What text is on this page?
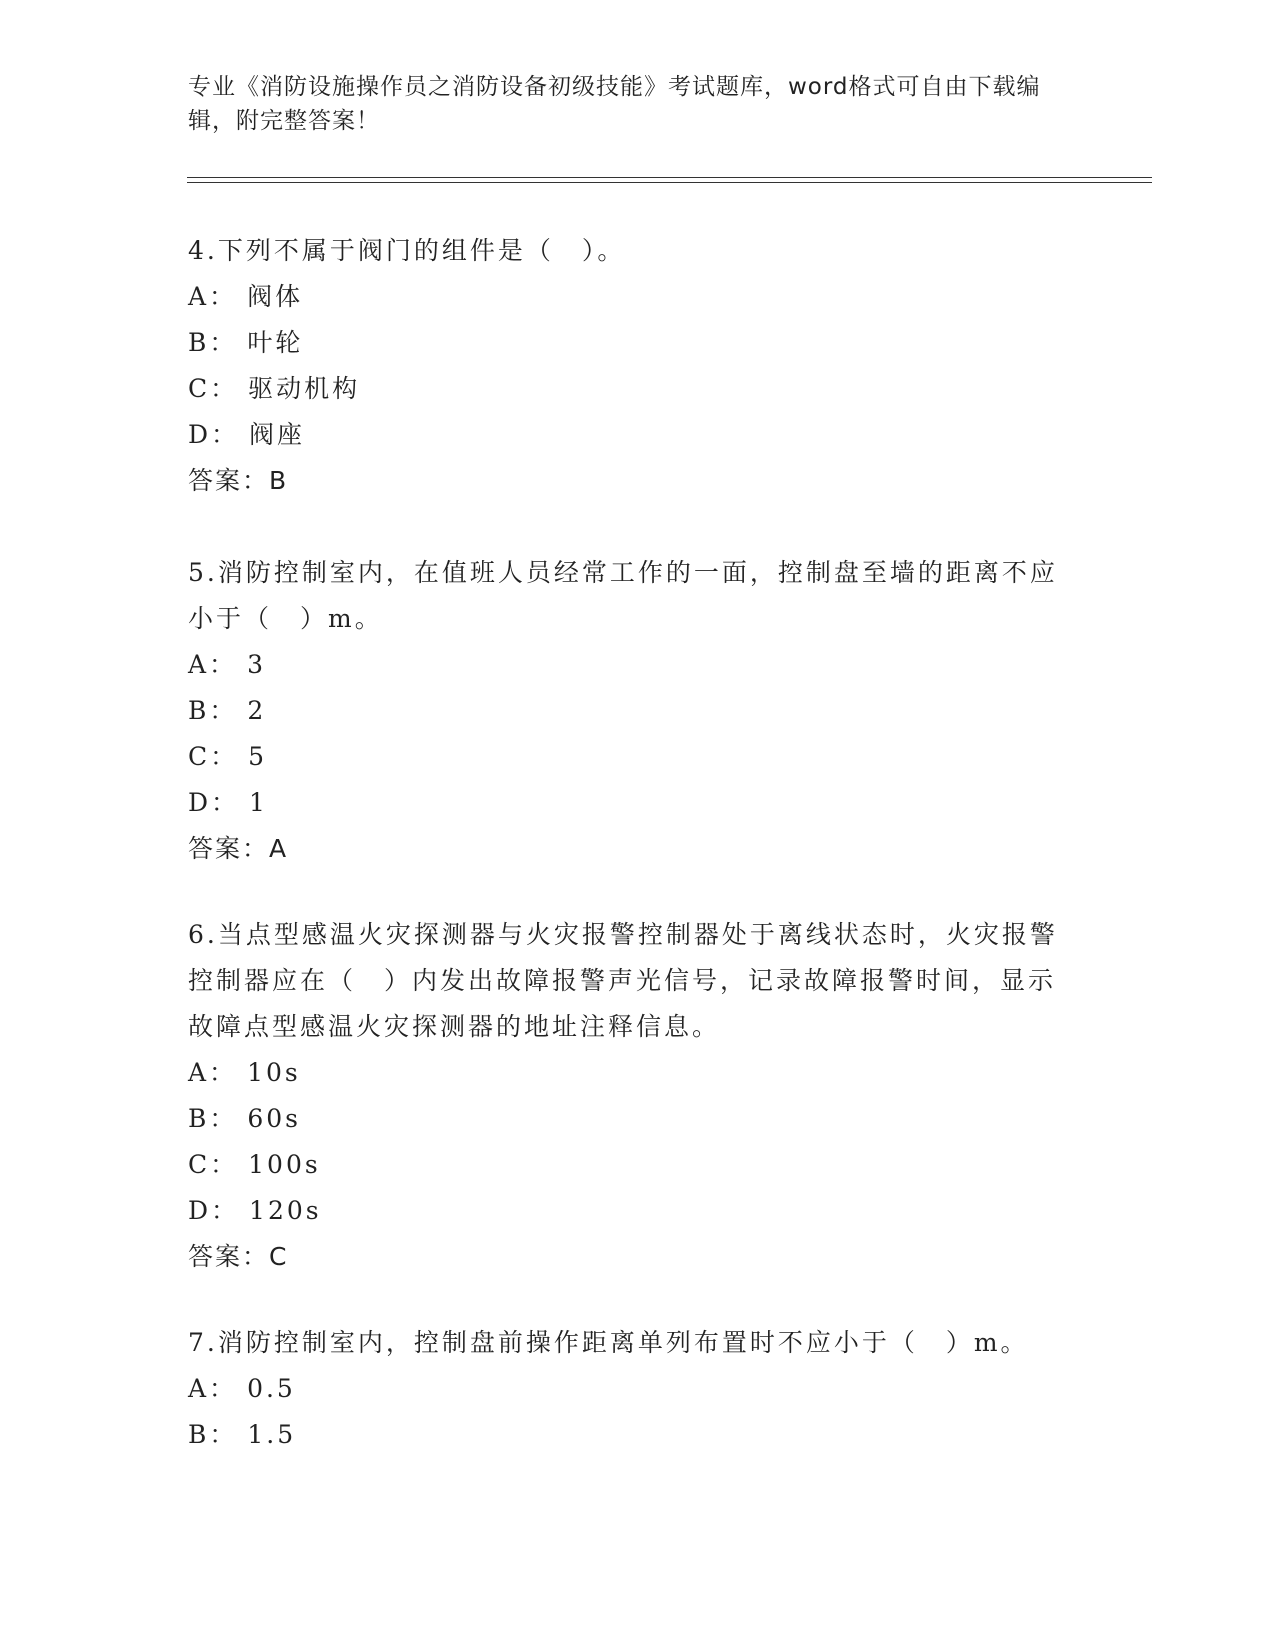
专业《消防设施操作员之消防设备初级技能》考试题库，word格式可自由下载编辑，附完整答案！

4.下列不属于阀门的组件是（　）。

A： 阀体

B： 叶轮

C： 驱动机构

D： 阀座

答案：B

5.消防控制室内，在值班人员经常工作的一面，控制盘至墙的距离不应小于（　）m。

A： 3

B： 2

C： 5

D： 1

答案：A

6.当点型感温火灾探测器与火灾报警控制器处于离线状态时，火灾报警控制器应在（　）内发出故障报警声光信号，记录故障报警时间，显示故障点型感温火灾探测器的地址注释信息。

A： 10s

B： 60s

C： 100s

D： 120s

答案：C

7.消防控制室内，控制盘前操作距离单列布置时不应小于（　）m。

A： 0.5

B： 1.5
